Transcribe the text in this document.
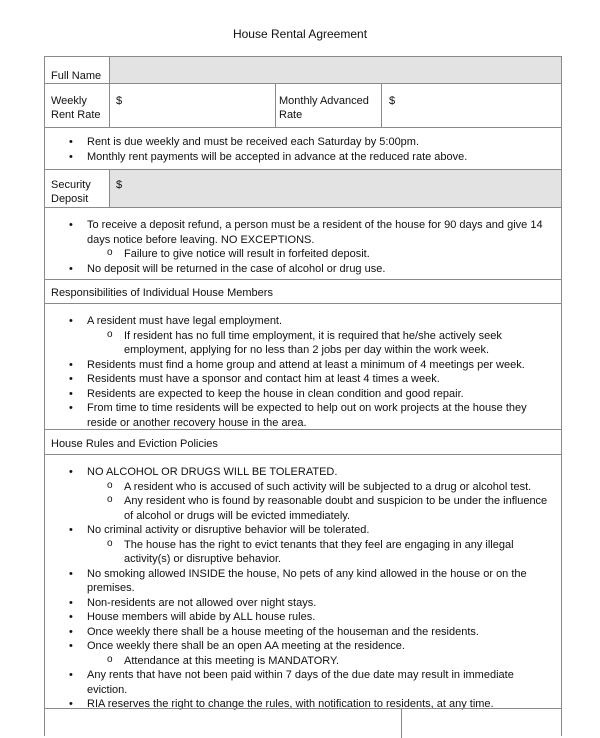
House Rental Agreement
Full Name
Weekly Rent Rate
$	Monthly Advanced Rate
$
• Rent is due weekly and must be received each Saturday by 5:00pm.
• Monthly rent payments will be accepted in advance at the reduced rate above.
Security Deposit
$
• To receive a deposit refund, a person must be a resident of the house for 90 days and give 14 days notice before leaving. NO EXCEPTIONS.
o Failure to give notice will result in forfeited deposit.
• No deposit will be returned in the case of alcohol or drug use.
Responsibilities of Individual House Members
• A resident must have legal employment.
o If resident has no full time employment, it is required that he/she actively seek employment, applying for no less than 2 jobs per day within the work week.
• Residents must find a home group and attend at least a minimum of 4 meetings per week.
• Residents must have a sponsor and contact him at least 4 times a week.
• Residents are expected to keep the house in clean condition and good repair.
• From time to time residents will be expected to help out on work projects at the house they reside or another recovery house in the area.
House Rules and Eviction Policies
• NO ALCOHOL OR DRUGS WILL BE TOLERATED.
o A resident who is accused of such activity will be subjected to a drug or alcohol test.
o Any resident who is found by reasonable doubt and suspicion to be under the influence of alcohol or drugs will be evicted immediately.
• No criminal activity or disruptive behavior will be tolerated.
o The house has the right to evict tenants that they feel are engaging in any illegal activity(s) or disruptive behavior.
• No smoking allowed INSIDE the house, No pets of any kind allowed in the house or on the premises.
• Non-residents are not allowed over night stays.
• House members will abide by ALL house rules.
• Once weekly there shall be a house meeting of the houseman and the residents.
• Once weekly there shall be an open AA meeting at the residence.
o Attendance at this meeting is MANDATORY.
• Any rents that have not been paid within 7 days of the due date may result in immediate eviction.
• RIA reserves the right to change the rules, with notification to residents, at any time.
